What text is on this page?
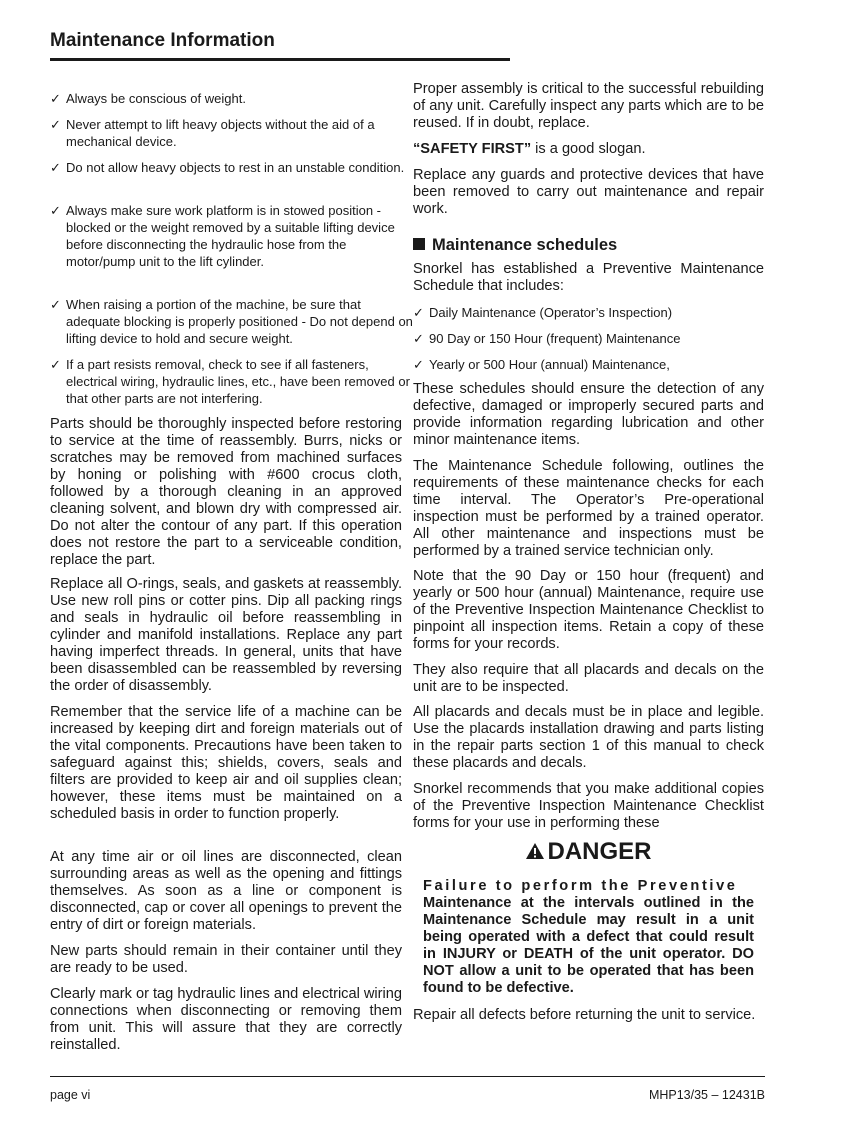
Maintenance Information
✓ Always be conscious of weight.
✓ Never attempt to lift heavy objects without the aid of a mechanical device.
✓ Do not allow heavy objects to rest in an unstable condition.
✓ Always make sure work platform is in stowed position - blocked or the weight removed by a suitable lifting device before disconnecting the hydraulic hose from the motor/pump unit to the lift cylinder.
✓ When raising a portion of the machine, be sure that adequate blocking is properly positioned - Do not depend on lifting device to hold and secure weight.
✓ If a part resists removal, check to see if all fasteners, electrical wiring, hydraulic lines, etc., have been removed or that other parts are not interfering.
Parts should be thoroughly inspected before restoring to service at the time of reassembly. Burrs, nicks or scratches may be removed from machined surfaces by honing or polishing with #600 crocus cloth, followed by a thorough cleaning in an approved cleaning solvent, and blown dry with compressed air. Do not alter the contour of any part. If this operation does not restore the part to a serviceable condition, replace the part.
Replace all O-rings, seals, and gaskets at reassembly. Use new roll pins or cotter pins. Dip all packing rings and seals in hydraulic oil before reassembling in cylinder and manifold installations. Replace any part having imperfect threads. In general, units that have been disassembled can be reassembled by reversing the order of disassembly.
Remember that the service life of a machine can be increased by keeping dirt and foreign materials out of the vital components. Precautions have been taken to safeguard against this; shields, covers, seals and filters are provided to keep air and oil supplies clean; however, these items must be maintained on a scheduled basis in order to function properly.
At any time air or oil lines are disconnected, clean surrounding areas as well as the opening and fittings themselves. As soon as a line or component is disconnected, cap or cover all openings to prevent the entry of dirt or foreign materials.
New parts should remain in their container until they are ready to be used.
Clearly mark or tag hydraulic lines and electrical wiring connections when disconnecting or removing them from unit. This will assure that they are correctly reinstalled.
Proper assembly is critical to the successful rebuilding of any unit. Carefully inspect any parts which are to be reused. If in doubt, replace.
“SAFETY FIRST” is a good slogan.
Replace any guards and protective devices that have been removed to carry out maintenance and repair work.
Maintenance schedules
Snorkel has established a Preventive Maintenance Schedule that includes:
✓ Daily Maintenance (Operator’s Inspection)
✓ 90 Day or 150 Hour (frequent) Maintenance
✓ Yearly or 500 Hour (annual) Maintenance,
These schedules should ensure the detection of any defective, damaged or improperly secured parts and provide information regarding lubrication and other minor maintenance items.
The Maintenance Schedule following, outlines the requirements of these maintenance checks for each time interval. The Operator’s Pre-operational inspection must be performed by a trained operator. All other maintenance and inspections must be performed by a trained service technician only.
Note that the 90 Day or 150 hour (frequent) and yearly or 500 hour (annual) Maintenance, require use of the Preventive Inspection Maintenance Checklist to pinpoint all inspection items. Retain a copy of these forms for your records.
They also require that all placards and decals on the unit are to be inspected.
All placards and decals must be in place and legible. Use the placards installation drawing and parts listing in the repair parts section 1 of this manual to check these placards and decals.
Snorkel recommends that you make additional copies of the Preventive Inspection Maintenance Checklist forms for your use in performing these
DANGER
Failure to perform the Preventive
Maintenance at the intervals outlined in the Maintenance Schedule may result in a unit being operated with a defect that could result in INJURY or DEATH of the unit operator. DO NOT allow a unit to be operated that has been found to be defective.
Repair all defects before returning the unit to service.
page vi	MHP13/35 – 12431B
